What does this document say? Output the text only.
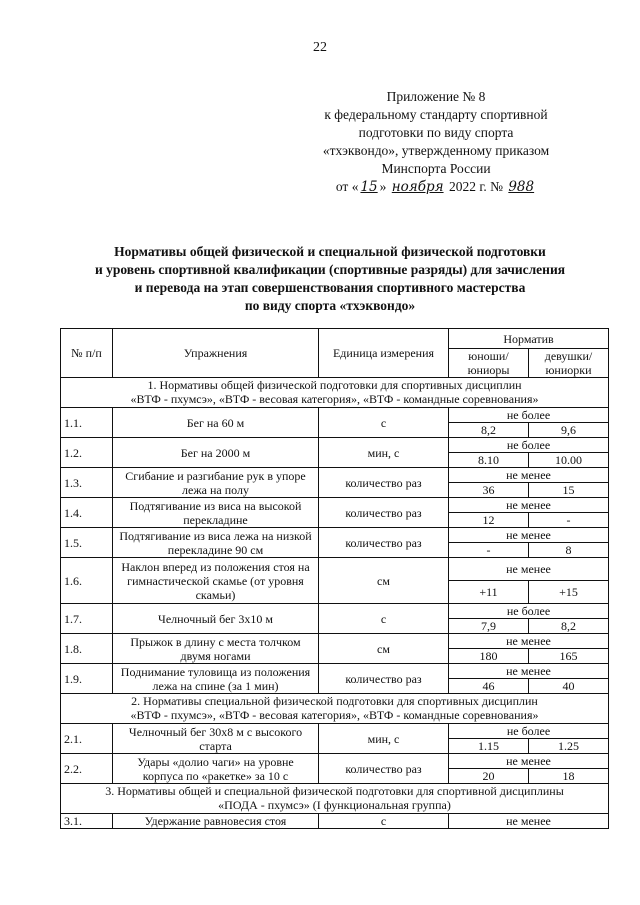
22
Приложение № 8
к федеральному стандарту спортивной
подготовки по виду спорта
«тхэквондо», утвержденному приказом
Минспорта России
от « 15 » ноября 2022 г. № 988
Нормативы общей физической и специальной физической подготовки
и уровень спортивной квалификации (спортивные разряды) для зачисления
и перевода на этап совершенствования спортивного мастерства
по виду спорта «тхэквондо»
№ п/п	Упражнения	Единица измерения	Норматив	
			юноши/ юниоры	девушки/ юниорки

1. Нормативы общей физической подготовки для спортивных дисциплин
«ВТФ - пхумсэ», «ВТФ - весовая категория», «ВТФ - командные соревнования»				

1.1.	Бег на 60 м	с	не более	
			8,2	9,6
1.2.	Бег на 2000 м	мин, с	не более	
			8.10	10.00
1.3.	Сгибание и разгибание рук в упоре лежа на полу	количество раз	не менее	
			36	15
1.4.	Подтягивание из виса на высокой перекладине	количество раз	не менее	
			12	-
1.5.	Подтягивание из виса лежа на низкой перекладине 90 см	количество раз	не менее	
			-	8
1.6.	Наклон вперед из положения стоя на гимнастической скамье (от уровня скамьи)	см	не менее	
			+11	+15
1.7.	Челночный бег 3х10 м	с	не более	
			7,9	8,2
1.8.	Прыжок в длину с места толчком двумя ногами	см	не менее	
			180	165
1.9.	Поднимание туловища из положения лежа на спине (за 1 мин)	количество раз	не менее	
			46	40

2. Нормативы специальной физической подготовки для спортивных дисциплин
«ВТФ - пхумсэ», «ВТФ - весовая категория», «ВТФ - командные соревнования»				

2.1.	Челночный бег 30х8 м с высокого старта	мин, с	не более	
			1.15	1.25
2.2.	Удары «долио чаги» на уровне корпуса по «ракетке» за 10 с	количество раз	не менее	
			20	18

3. Нормативы общей и специальной физической подготовки для спортивной дисциплины
«ПОДА - пхумсэ» (I функциональная группа)				

3.1.	Удержание равновесия стоя	с	не менее	
